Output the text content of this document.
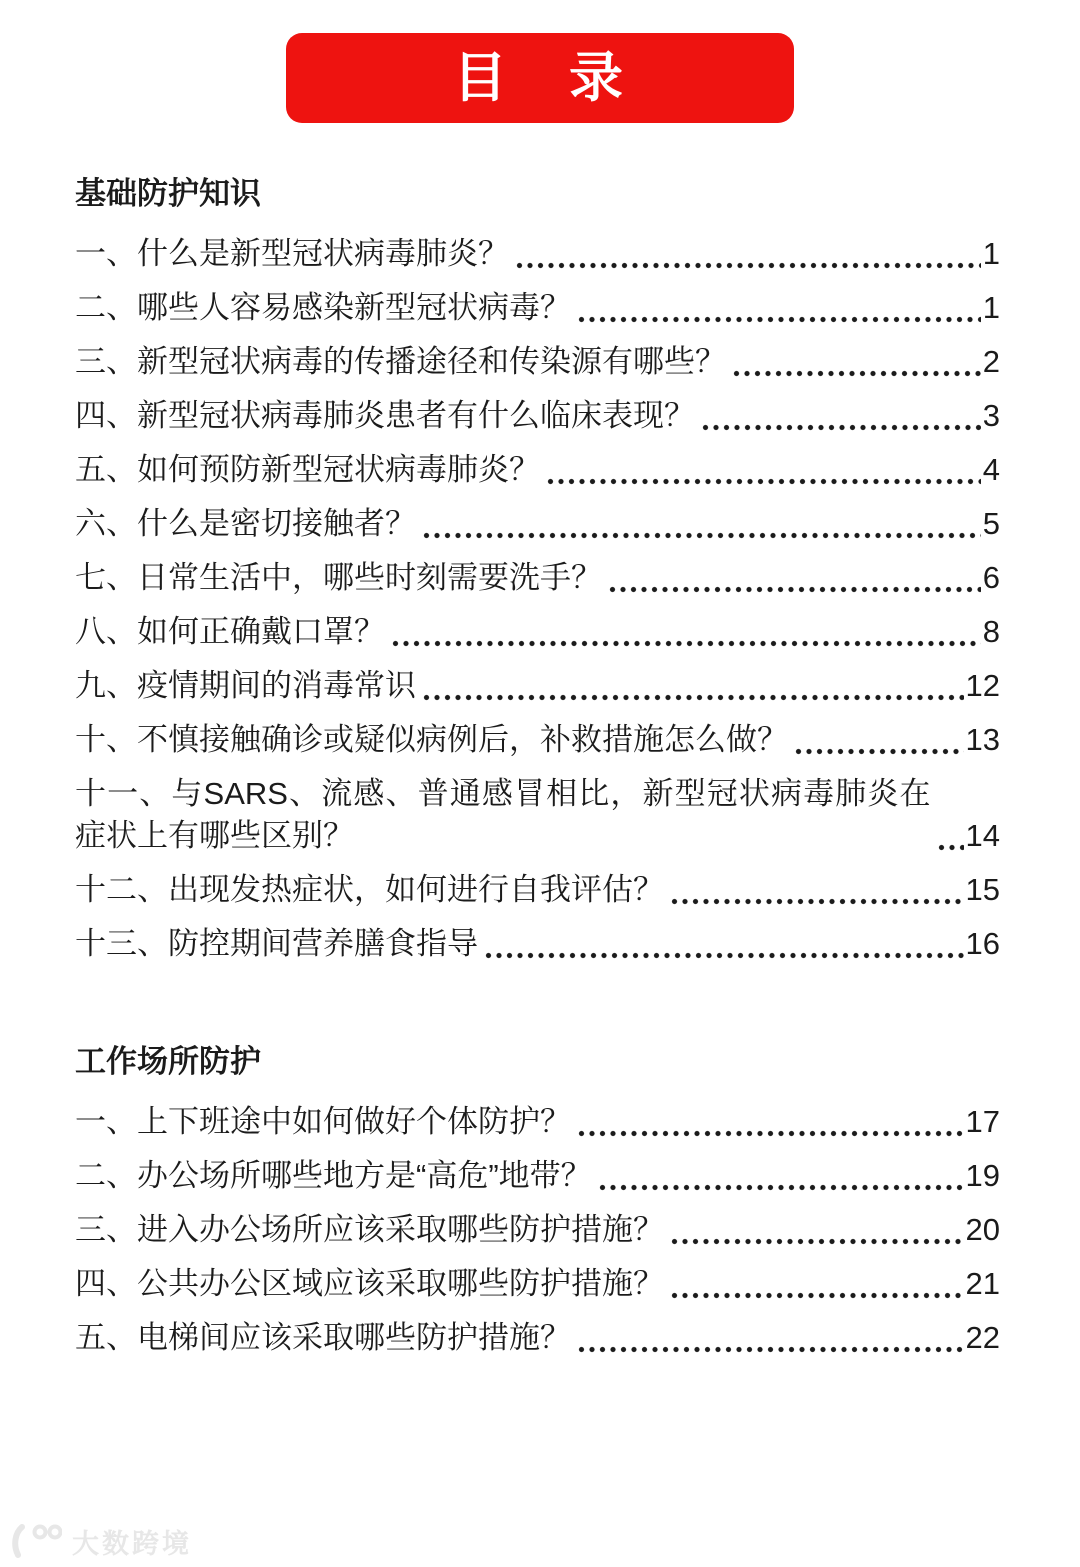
目　录
基础防护知识
一、什么是新型冠状病毒肺炎？	1
二、哪些人容易感染新型冠状病毒？	1
三、新型冠状病毒的传播途径和传染源有哪些？	2
四、新型冠状病毒肺炎患者有什么临床表现？	3
五、如何预防新型冠状病毒肺炎？	4
六、什么是密切接触者？	5
七、日常生活中，哪些时刻需要洗手？	6
八、如何正确戴口罩？	8
九、疫情期间的消毒常识	12
十、不慎接触确诊或疑似病例后，补救措施怎么做？	13
十一、与SARS、流感、普通感冒相比，新型冠状病毒肺炎在症状上有哪些区别？	14
十二、出现发热症状，如何进行自我评估？	15
十三、防控期间营养膳食指导	16
工作场所防护
一、上下班途中如何做好个体防护？	17
二、办公场所哪些地方是“高危”地带？	19
三、进入办公场所应该采取哪些防护措施？	20
四、公共办公区域应该采取哪些防护措施？	21
五、电梯间应该采取哪些防护措施？	22
大数跨境
